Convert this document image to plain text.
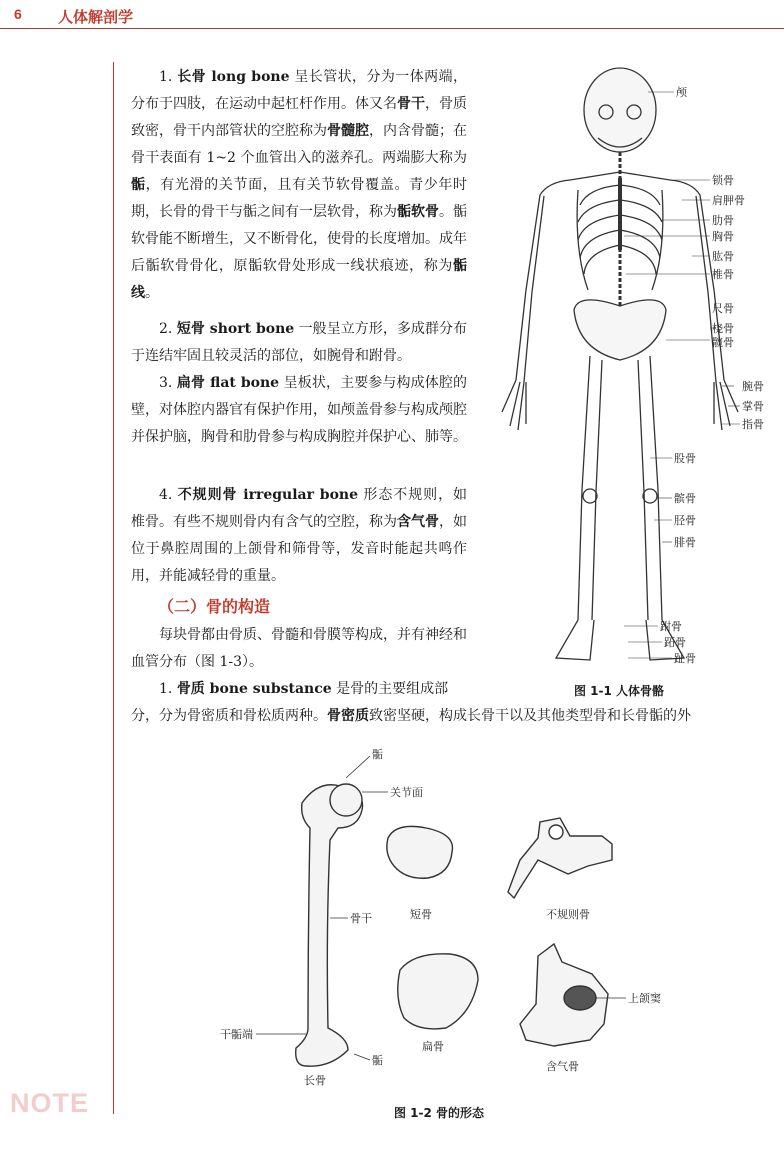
6 人体解剖学

1. 长骨 long bone 呈长管状，分为一体两端，分布于四肢，在运动中起杠杆作用。体又名骨干，骨质致密，骨干内部管状的空腔称为骨髓腔，内含骨髓；在骨干表面有 1~2 个血管出入的滋养孔。两端膨大称为骺，有光滑的关节面，且有关节软骨覆盖。青少年时期，长骨的骨干与骺之间有一层软骨，称为骺软骨。骺软骨能不断增生，又不断骨化，使骨的长度增加。成年后骺软骨骨化，原骺软骨处形成一线状痕迹，称为骺线。

2. 短骨 short bone 一般呈立方形，多成群分布于连结牢固且较灵活的部位，如腕骨和跗骨。

3. 扁骨 flat bone 呈板状，主要参与构成体腔的壁，对体腔内器官有保护作用，如颅盖骨参与构成颅腔并保护脑，胸骨和肋骨参与构成胸腔并保护心、肺等。

4. 不规则骨 irregular bone 形态不规则，如椎骨。有些不规则骨内有含气的空腔，称为含气骨，如位于鼻腔周围的上颌骨和筛骨等，发音时能起共鸣作用，并能减轻骨的重量。

（二）骨的构造

每块骨都由骨质、骨髓和骨膜等构成，并有神经和血管分布（图 1-3）。

1. 骨质 bone substance 是骨的主要组成部

分，分为骨密质和骨松质两种。骨密质致密坚硬，构成长骨干以及其他类型骨和长骨骺的外

颅
锁骨
肩胛骨
肋骨
胸骨
肱骨
椎骨
尺骨
桡骨
髋骨
腕骨
掌骨
指骨
股骨
髌骨
胫骨
腓骨
跗骨
跖骨
趾骨
图 1-1 人体骨骼
骺
关节面
骨干
干骺端
骺
长骨
短骨	不规则骨
扁骨
含气骨
上颌窦
图 1-2 骨的形态
NOTE
